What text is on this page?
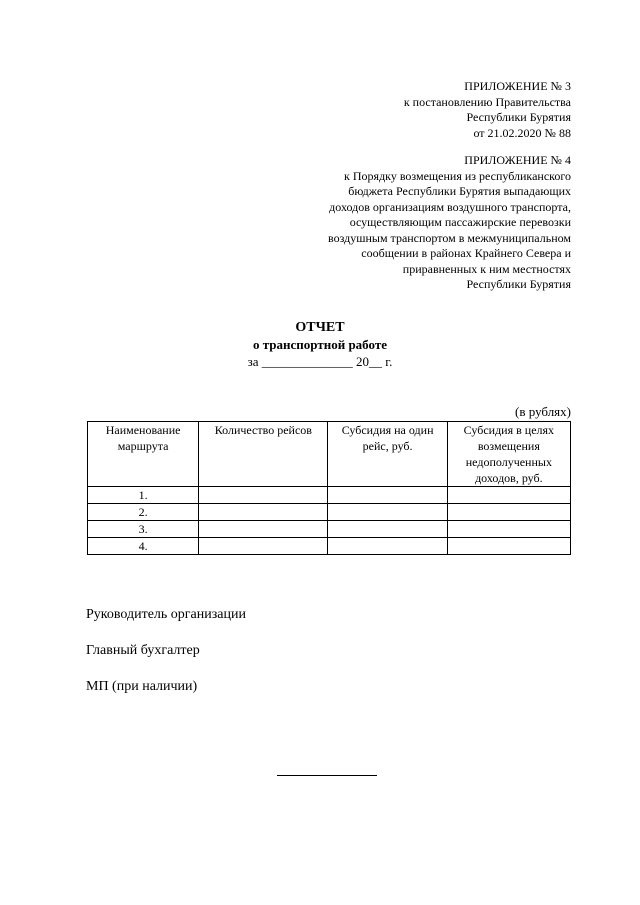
ПРИЛОЖЕНИЕ № 3
к постановлению Правительства
Республики Бурятия
от 21.02.2020 № 88
ПРИЛОЖЕНИЕ № 4
к Порядку возмещения из республиканского
бюджета Республики Бурятия выпадающих
доходов организациям воздушного транспорта,
осуществляющим пассажирские перевозки
воздушным транспортом в межмуниципальном
сообщении в районах Крайнего Севера и
приравненных к ним местностях
Республики Бурятия
ОТЧЕТ
о транспортной работе
за ______________ 20__ г.
(в рублях)
Наименование маршрута	Количество рейсов	Субсидия на один рейс, руб.	Субсидия в целях возмещения недополученных доходов, руб.
1.			
2.			
3.			
4.			
Руководитель организации
Главный бухгалтер
МП (при наличии)
